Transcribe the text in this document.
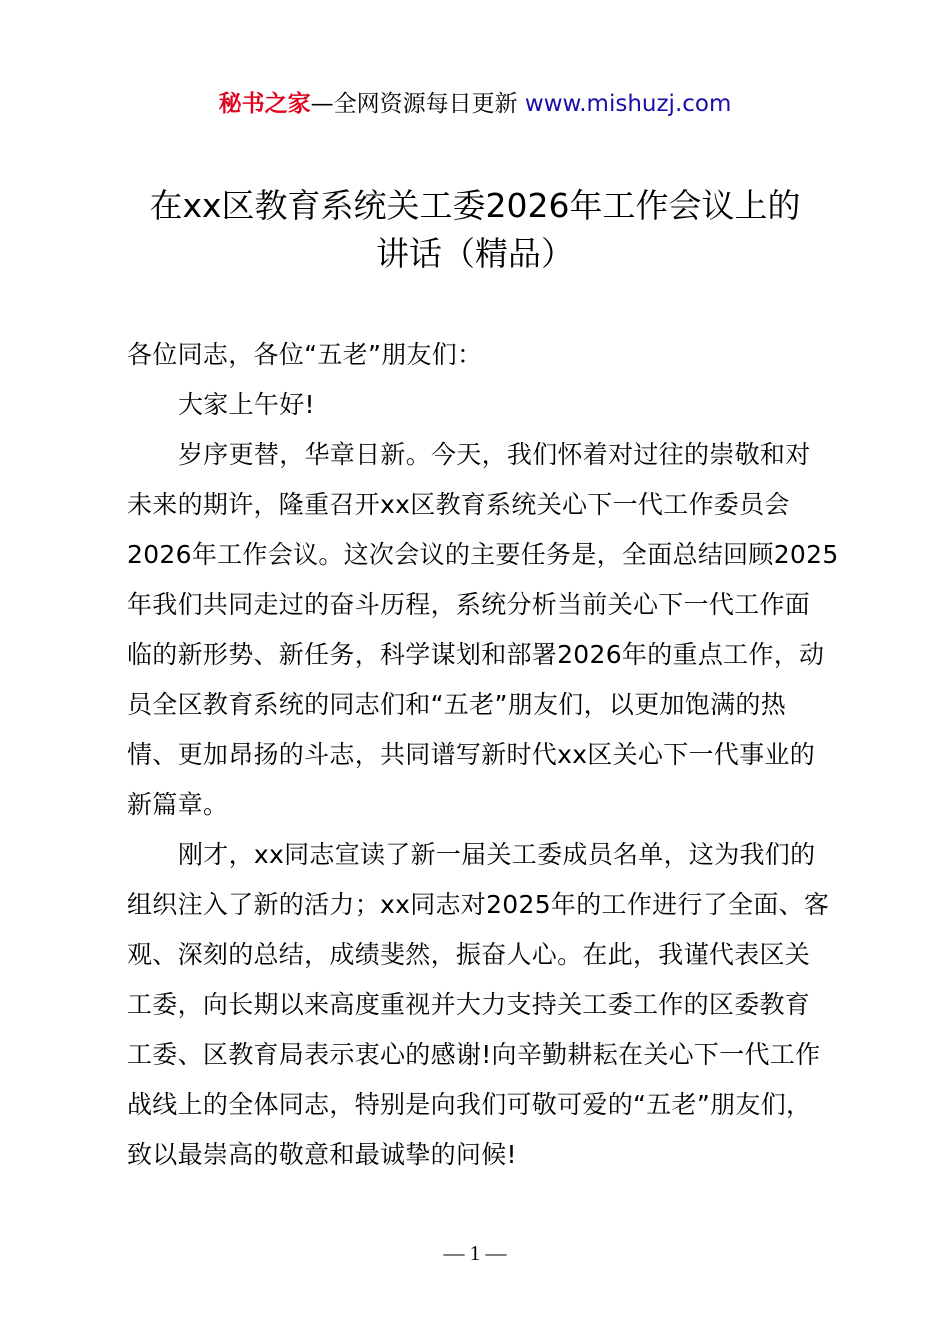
秘书之家—全网资源每日更新 www.mishuzj.com
在xx区教育系统关工委2026年工作会议上的
讲话（精品）
各位同志，各位“五老”朋友们：
大家上午好!
岁序更替，华章日新。今天，我们怀着对过往的崇敬和对
未来的期许，隆重召开xx区教育系统关心下一代工作委员会
2026年工作会议。这次会议的主要任务是，全面总结回顾2025
年我们共同走过的奋斗历程，系统分析当前关心下一代工作面
临的新形势、新任务，科学谋划和部署2026年的重点工作，动
员全区教育系统的同志们和“五老”朋友们，以更加饱满的热
情、更加昂扬的斗志，共同谱写新时代xx区关心下一代事业的
新篇章。
刚才，xx同志宣读了新一届关工委成员名单，这为我们的
组织注入了新的活力；xx同志对2025年的工作进行了全面、客
观、深刻的总结，成绩斐然，振奋人心。在此，我谨代表区关
工委，向长期以来高度重视并大力支持关工委工作的区委教育
工委、区教育局表示衷心的感谢!向辛勤耕耘在关心下一代工作
战线上的全体同志，特别是向我们可敬可爱的“五老”朋友们，
致以最崇高的敬意和最诚挚的问候!
— 1 —
